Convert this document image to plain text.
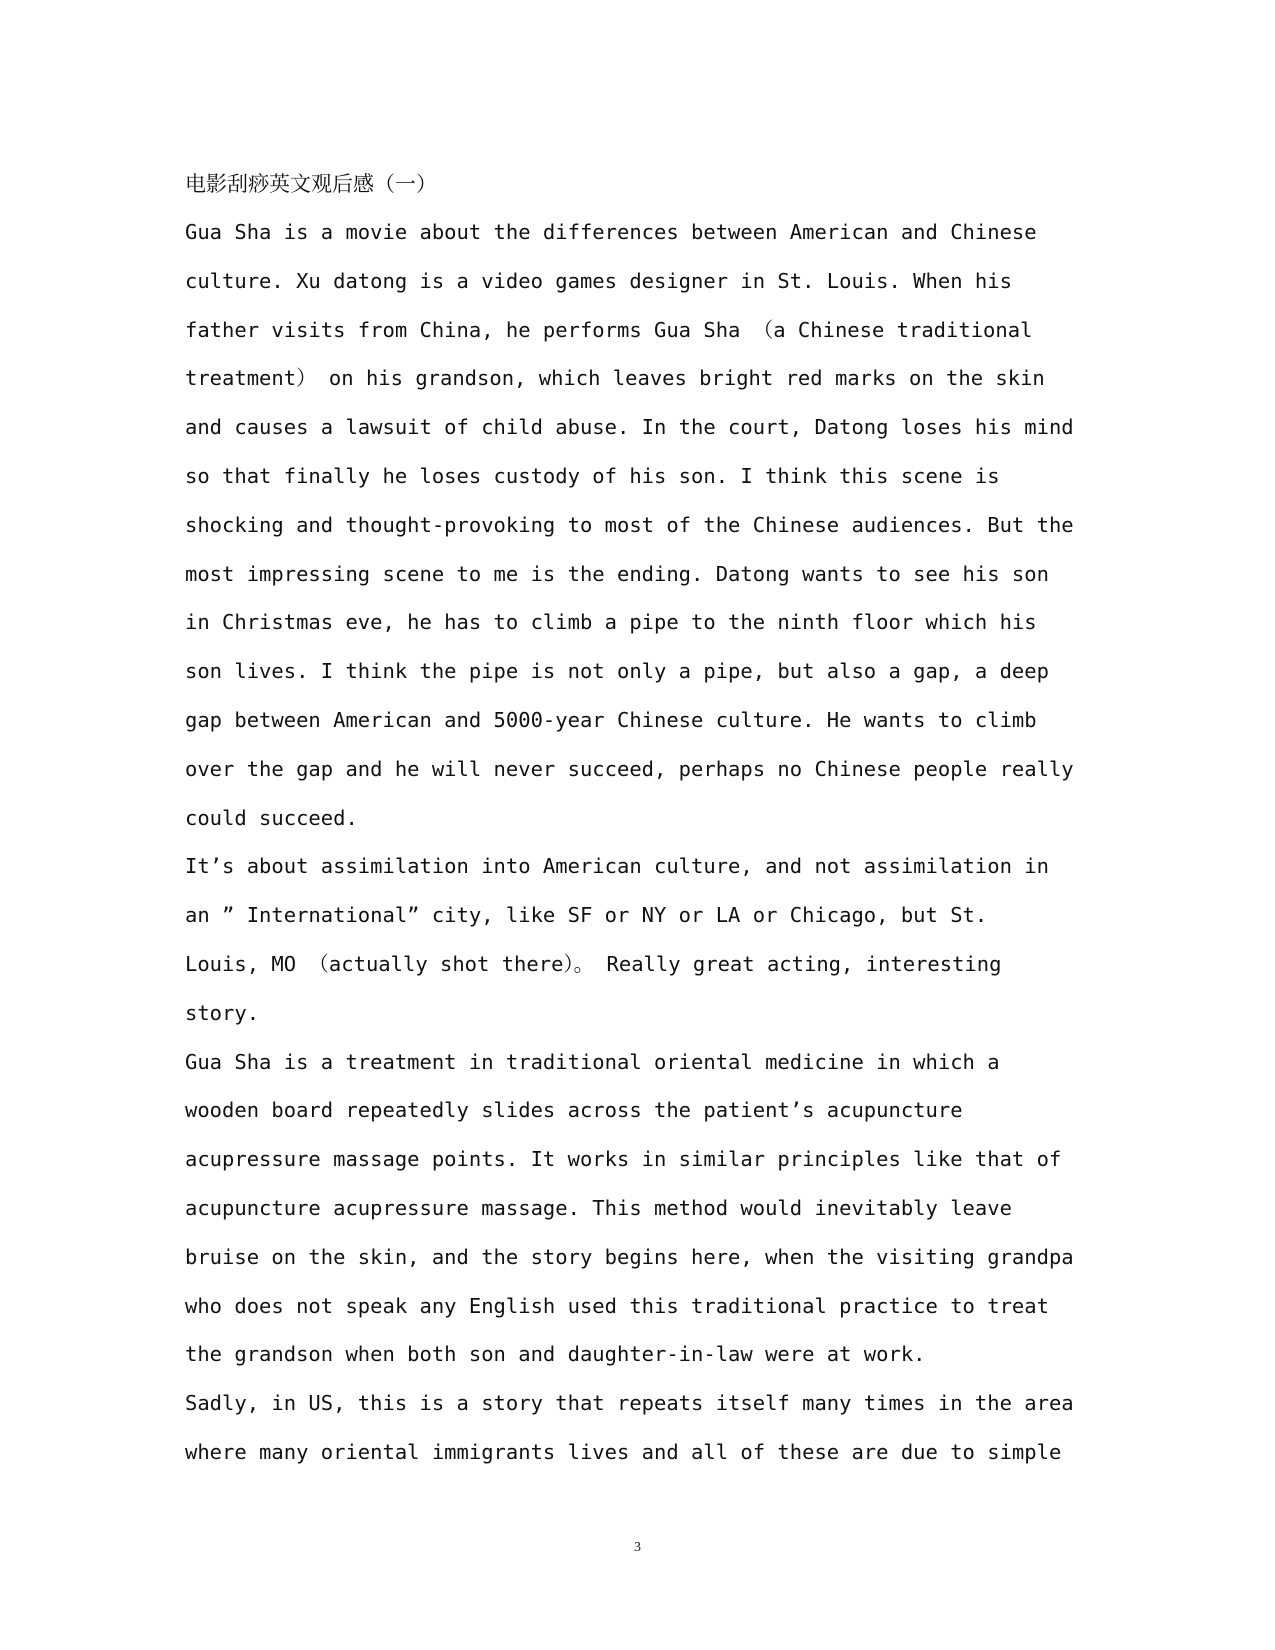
电影刮痧英文观后感（一）
Gua Sha is a movie about the differences between American and Chinese
culture. Xu datong is a video games designer in St. Louis. When his
father visits from China, he performs Gua Sha （a Chinese traditional
treatment） on his grandson, which leaves bright red marks on the skin
and causes a lawsuit of child abuse. In the court, Datong loses his mind
so that finally he loses custody of his son. I think this scene is
shocking and thought-provoking to most of the Chinese audiences. But the
most impressing scene to me is the ending. Datong wants to see his son
in Christmas eve, he has to climb a pipe to the ninth floor which his
son lives. I think the pipe is not only a pipe, but also a gap, a deep
gap between American and 5000-year Chinese culture. He wants to climb
over the gap and he will never succeed, perhaps no Chinese people really
could succeed.
It’s about assimilation into American culture, and not assimilation in
an ” International” city, like SF or NY or LA or Chicago, but St.
Louis, MO （actually shot there）。 Really great acting, interesting
story.
Gua Sha is a treatment in traditional oriental medicine in which a
wooden board repeatedly slides across the patient’s acupuncture
acupressure massage points. It works in similar principles like that of
acupuncture acupressure massage. This method would inevitably leave
bruise on the skin, and the story begins here, when the visiting grandpa
who does not speak any English used this traditional practice to treat
the grandson when both son and daughter-in-law were at work.
Sadly, in US, this is a story that repeats itself many times in the area
where many oriental immigrants lives and all of these are due to simple
3
